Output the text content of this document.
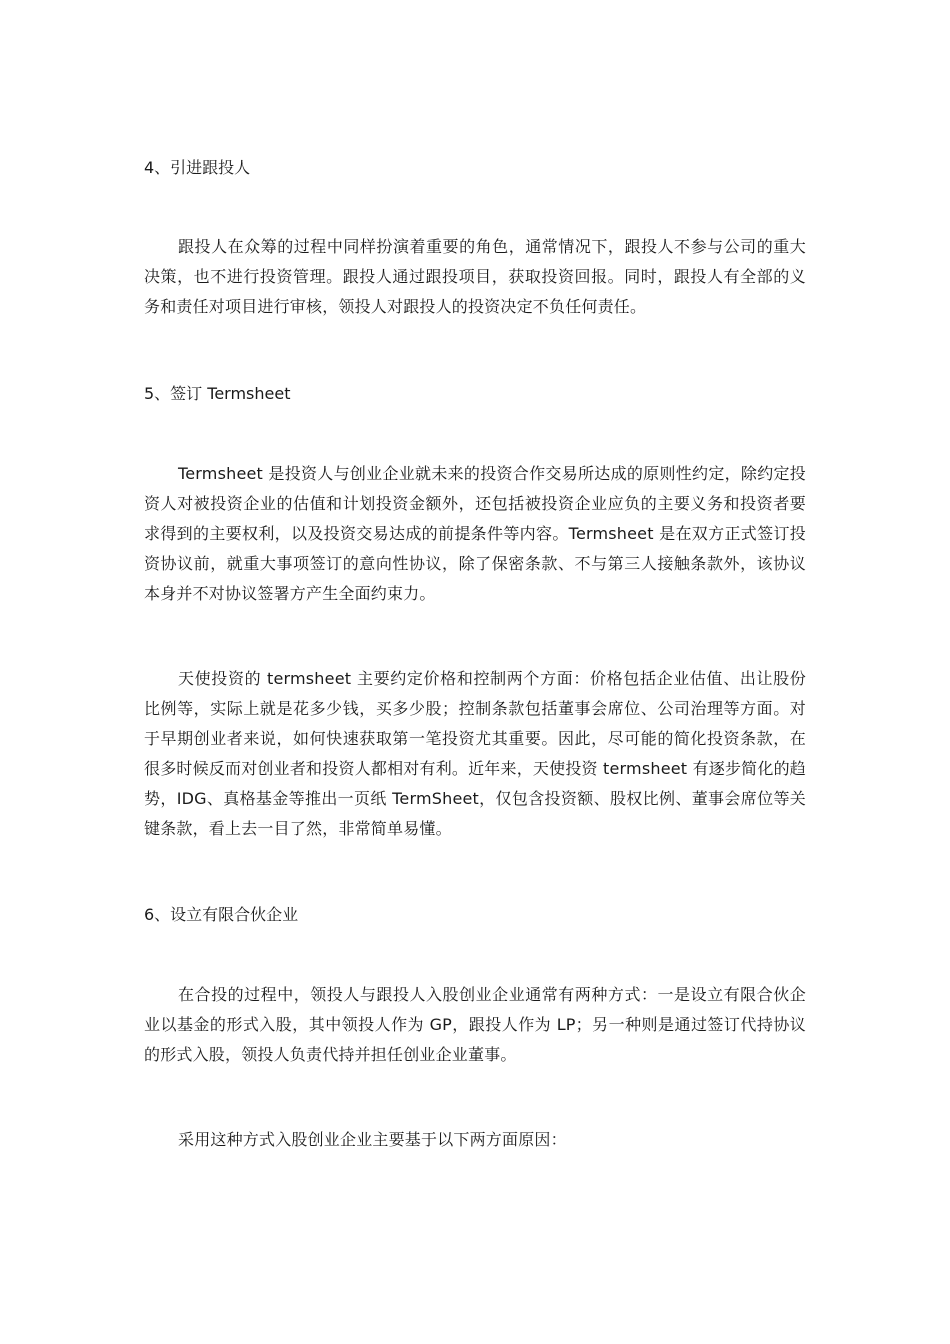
4、引进跟投人

跟投人在众筹的过程中同样扮演着重要的角色，通常情况下，跟投人不参与公司的重大决策，也不进行投资管理。跟投人通过跟投项目，获取投资回报。同时，跟投人有全部的义务和责任对项目进行审核，领投人对跟投人的投资决定不负任何责任。

5、签订 Termsheet

Termsheet 是投资人与创业企业就未来的投资合作交易所达成的原则性约定，除约定投资人对被投资企业的估值和计划投资金额外，还包括被投资企业应负的主要义务和投资者要求得到的主要权利，以及投资交易达成的前提条件等内容。Termsheet 是在双方正式签订投资协议前，就重大事项签订的意向性协议，除了保密条款、不与第三人接触条款外，该协议本身并不对协议签署方产生全面约束力。

天使投资的 termsheet 主要约定价格和控制两个方面：价格包括企业估值、出让股份比例等，实际上就是花多少钱，买多少股；控制条款包括董事会席位、公司治理等方面。对于早期创业者来说，如何快速获取第一笔投资尤其重要。因此，尽可能的简化投资条款，在很多时候反而对创业者和投资人都相对有利。近年来，天使投资 termsheet 有逐步简化的趋势，IDG、真格基金等推出一页纸 TermSheet，仅包含投资额、股权比例、董事会席位等关键条款，看上去一目了然，非常简单易懂。

6、设立有限合伙企业

在合投的过程中，领投人与跟投人入股创业企业通常有两种方式：一是设立有限合伙企业以基金的形式入股，其中领投人作为 GP，跟投人作为 LP；另一种则是通过签订代持协议的形式入股，领投人负责代持并担任创业企业董事。

采用这种方式入股创业企业主要基于以下两方面原因：
